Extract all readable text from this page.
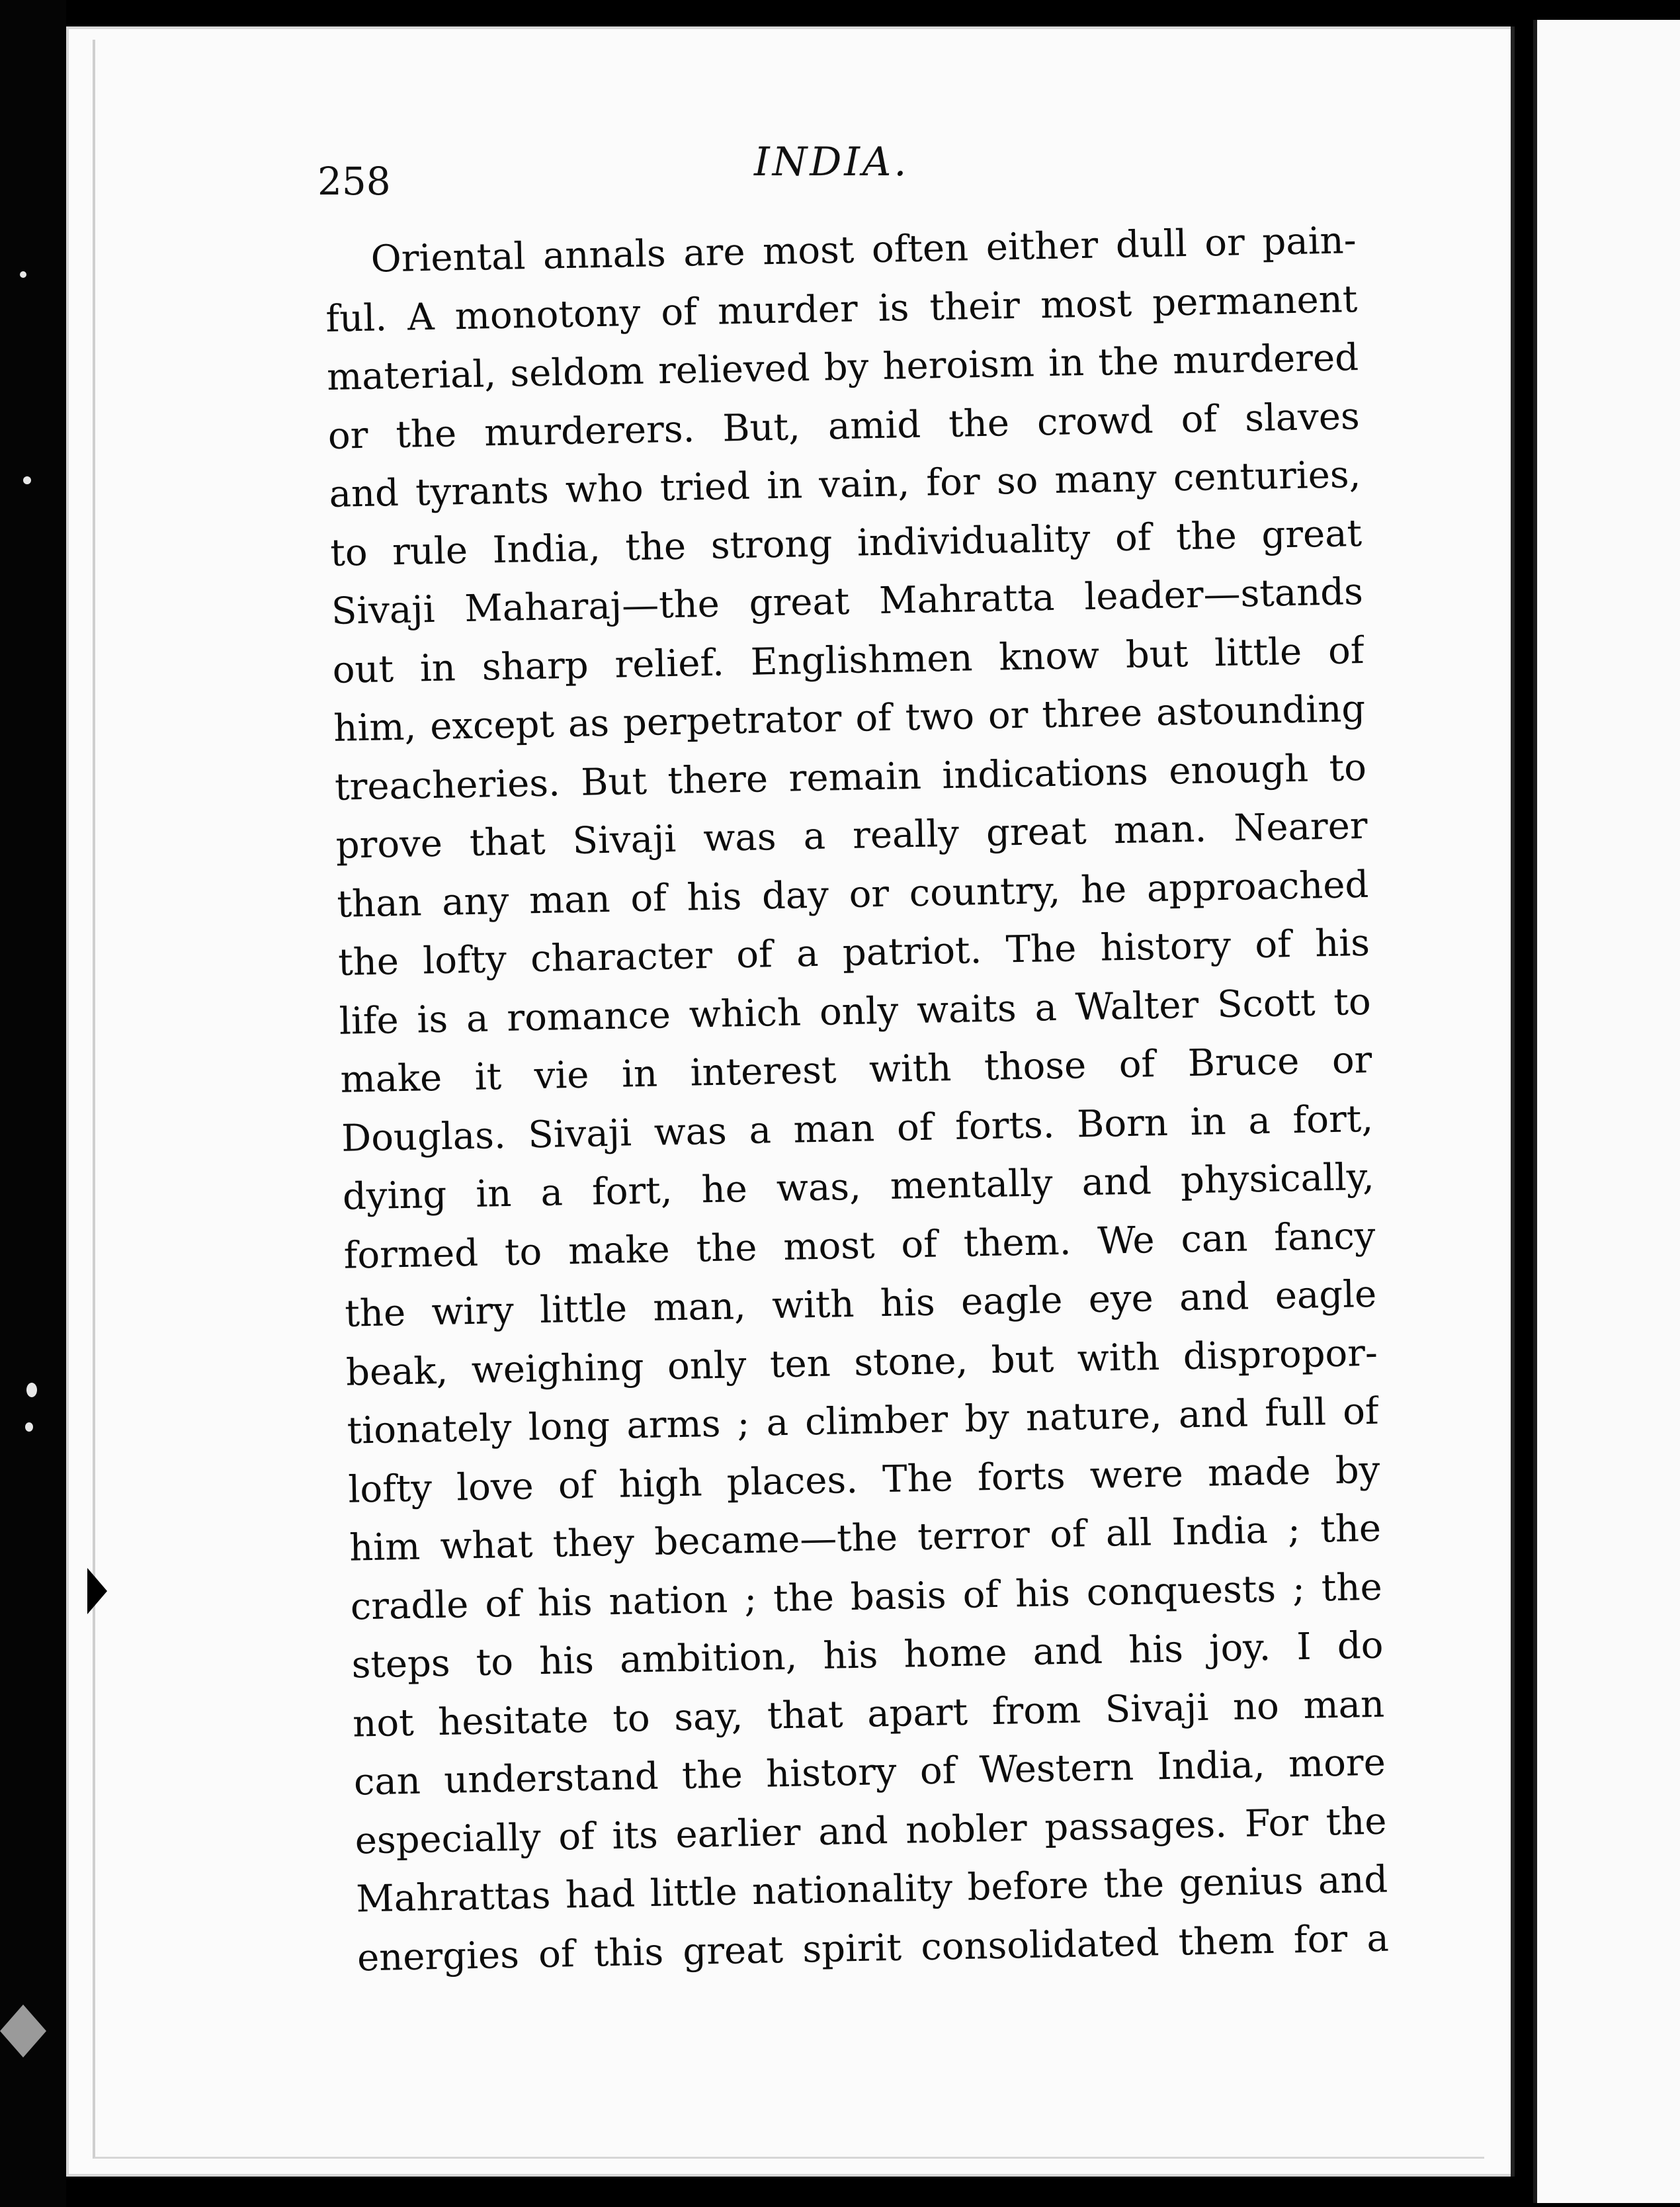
258	INDIA.
Oriental annals are most often either dull or pain-
ful. A monotony of murder is their most permanent
material, seldom relieved by heroism in the murdered
or the murderers. But, amid the crowd of slaves
and tyrants who tried in vain, for so many centuries,
to rule India, the strong individuality of the great
Sivaji Maharaj—the great Mahratta leader—stands
out in sharp relief. Englishmen know but little of
him, except as perpetrator of two or three astounding
treacheries. But there remain indications enough to
prove that Sivaji was a really great man. Nearer
than any man of his day or country, he approached
the lofty character of a patriot. The history of his
life is a romance which only waits a Walter Scott to
make it vie in interest with those of Bruce or
Douglas. Sivaji was a man of forts. Born in a fort,
dying in a fort, he was, mentally and physically,
formed to make the most of them. We can fancy
the wiry little man, with his eagle eye and eagle
beak, weighing only ten stone, but with dispropor-
tionately long arms ; a climber by nature, and full of
lofty love of high places. The forts were made by
him what they became—the terror of all India ; the
cradle of his nation ; the basis of his conquests ; the
steps to his ambition, his home and his joy. I do
not hesitate to say, that apart from Sivaji no man
can understand the history of Western India, more
especially of its earlier and nobler passages. For the
Mahrattas had little nationality before the genius and
energies of this great spirit consolidated them for a
